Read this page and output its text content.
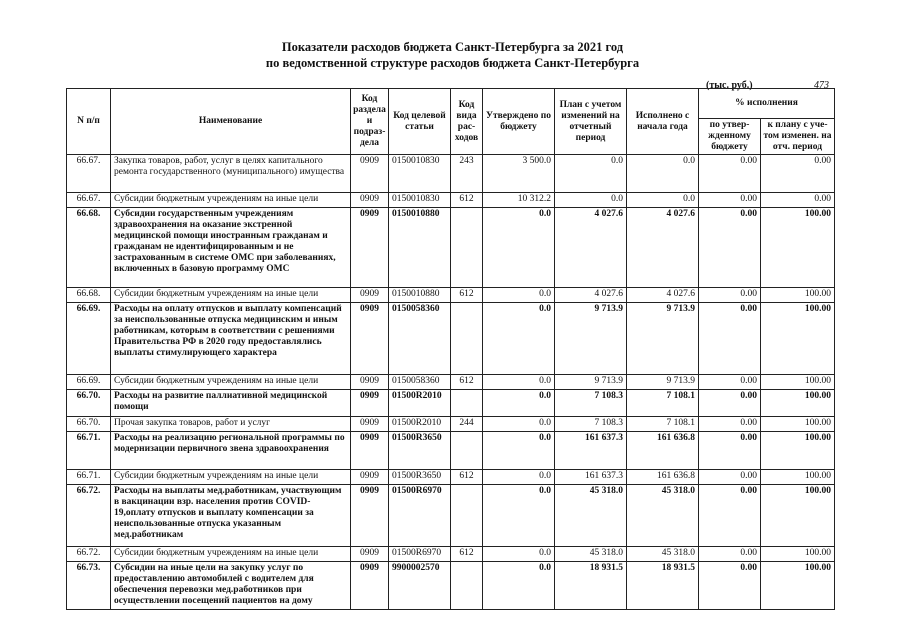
Показатели расходов бюджета Санкт-Петербурга за 2021 год
по ведомственной структуре расходов бюджета Санкт-Петербурга
(тыс. руб.)	473
N п/п	Наименование	Код раздела и подраз-дела	Код целевой статьи	Код вида рас-ходов	Утверждено по бюджету	План с учетом изменений на отчетный период	Исполнено с начала года	% исполнения	
								по утвер-жденному бюджету	к плану с уче-том изменен. на отч. период
66.67.	Закупка товаров, работ, услуг в целях капитального ремонта государственного (муниципального) имущества	0909	0150010830	243	3 500.0	0.0	0.0	0.00	0.00
66.67.	Субсидии бюджетным учреждениям на иные цели	0909	0150010830	612	10 312.2	0.0	0.0	0.00	0.00
66.68.	Субсидии государственным учреждениям здравоохранения на оказание экстренной медицинской помощи иностранным гражданам и гражданам не идентифицированным и не застрахованным в системе ОМС при заболеваниях, включенных в базовую программу ОМС	0909	0150010880		0.0	4 027.6	4 027.6	0.00	100.00
66.68.	Субсидии бюджетным учреждениям на иные цели	0909	0150010880	612	0.0	4 027.6	4 027.6	0.00	100.00
66.69.	Расходы на оплату отпусков и выплату компенсаций за неиспользованные отпуска медицинским и иным работникам, которым в соответствии с решениями Правительства РФ в 2020 году предоставлялись выплаты стимулирующего характера	0909	0150058360		0.0	9 713.9	9 713.9	0.00	100.00
66.69.	Субсидии бюджетным учреждениям на иные цели	0909	0150058360	612	0.0	9 713.9	9 713.9	0.00	100.00
66.70.	Расходы на развитие паллиативной медицинской помощи	0909	01500R2010		0.0	7 108.3	7 108.1	0.00	100.00
66.70.	Прочая закупка товаров, работ и услуг	0909	01500R2010	244	0.0	7 108.3	7 108.1	0.00	100.00
66.71.	Расходы на реализацию региональной программы по модернизации первичного звена здравоохранения	0909	01500R3650		0.0	161 637.3	161 636.8	0.00	100.00
66.71.	Субсидии бюджетным учреждениям на иные цели	0909	01500R3650	612	0.0	161 637.3	161 636.8	0.00	100.00
66.72.	Расходы на выплаты мед.работникам, участвующим в вакцинации взр. населения против COVID-19,оплату отпусков и выплату компенсации за неиспользованные отпуска указанным мед.работникам	0909	01500R6970		0.0	45 318.0	45 318.0	0.00	100.00
66.72.	Субсидии бюджетным учреждениям на иные цели	0909	01500R6970	612	0.0	45 318.0	45 318.0	0.00	100.00
66.73.	Субсидии на иные цели на закупку услуг по предоставлению автомобилей с водителем для обеспечения перевозки мед.работников при осуществлении посещений пациентов на дому	0909	9900002570		0.0	18 931.5	18 931.5	0.00	100.00
